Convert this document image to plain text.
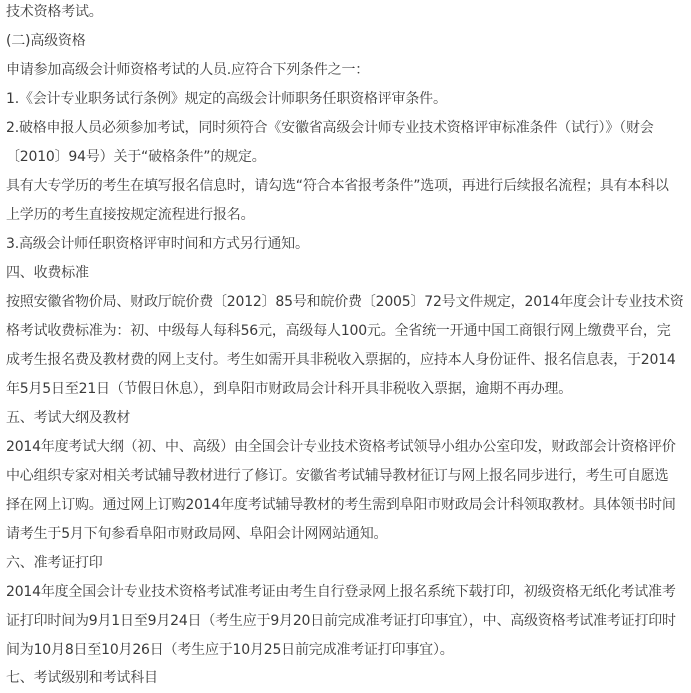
技术资格考试。
(二)高级资格
申请参加高级会计师资格考试的人员.应符合下列条件之一：
1.《会计专业职务试行条例》规定的高级会计师职务任职资格评审条件。
2.破格申报人员必须参加考试，同时须符合《安徽省高级会计师专业技术资格评审标准条件（试行）》（财会
〔2010〕94号）关于“破格条件”的规定。
具有大专学历的考生在填写报名信息时，请勾选“符合本省报考条件”选项，再进行后续报名流程；具有本科以
上学历的考生直接按规定流程进行报名。
3.高级会计师任职资格评审时间和方式另行通知。
四、收费标准
按照安徽省物价局、财政厅皖价费〔2012〕85号和皖价费〔2005〕72号文件规定，2014年度会计专业技术资
格考试收费标准为：初、中级每人每科56元，高级每人100元。全省统一开通中国工商银行网上缴费平台，完
成考生报名费及教材费的网上支付。考生如需开具非税收入票据的，应持本人身份证件、报名信息表，于2014
年5月5日至21日（节假日休息），到阜阳市财政局会计科开具非税收入票据，逾期不再办理。
五、考试大纲及教材
2014年度考试大纲（初、中、高级）由全国会计专业技术资格考试领导小组办公室印发，财政部会计资格评价
中心组织专家对相关考试辅导教材进行了修订。安徽省考试辅导教材征订与网上报名同步进行，考生可自愿选
择在网上订购。通过网上订购2014年度考试辅导教材的考生需到阜阳市财政局会计科领取教材。具体领书时间
请考生于5月下旬参看阜阳市财政局网、阜阳会计网网站通知。
六、准考证打印
2014年度全国会计专业技术资格考试准考证由考生自行登录网上报名系统下载打印，初级资格无纸化考试准考
证打印时间为9月1日至9月24日（考生应于9月20日前完成准考证打印事宜），中、高级资格考试准考证打印时
间为10月8日至10月26日（考生应于10月25日前完成准考证打印事宜）。
七、考试级别和考试科目
